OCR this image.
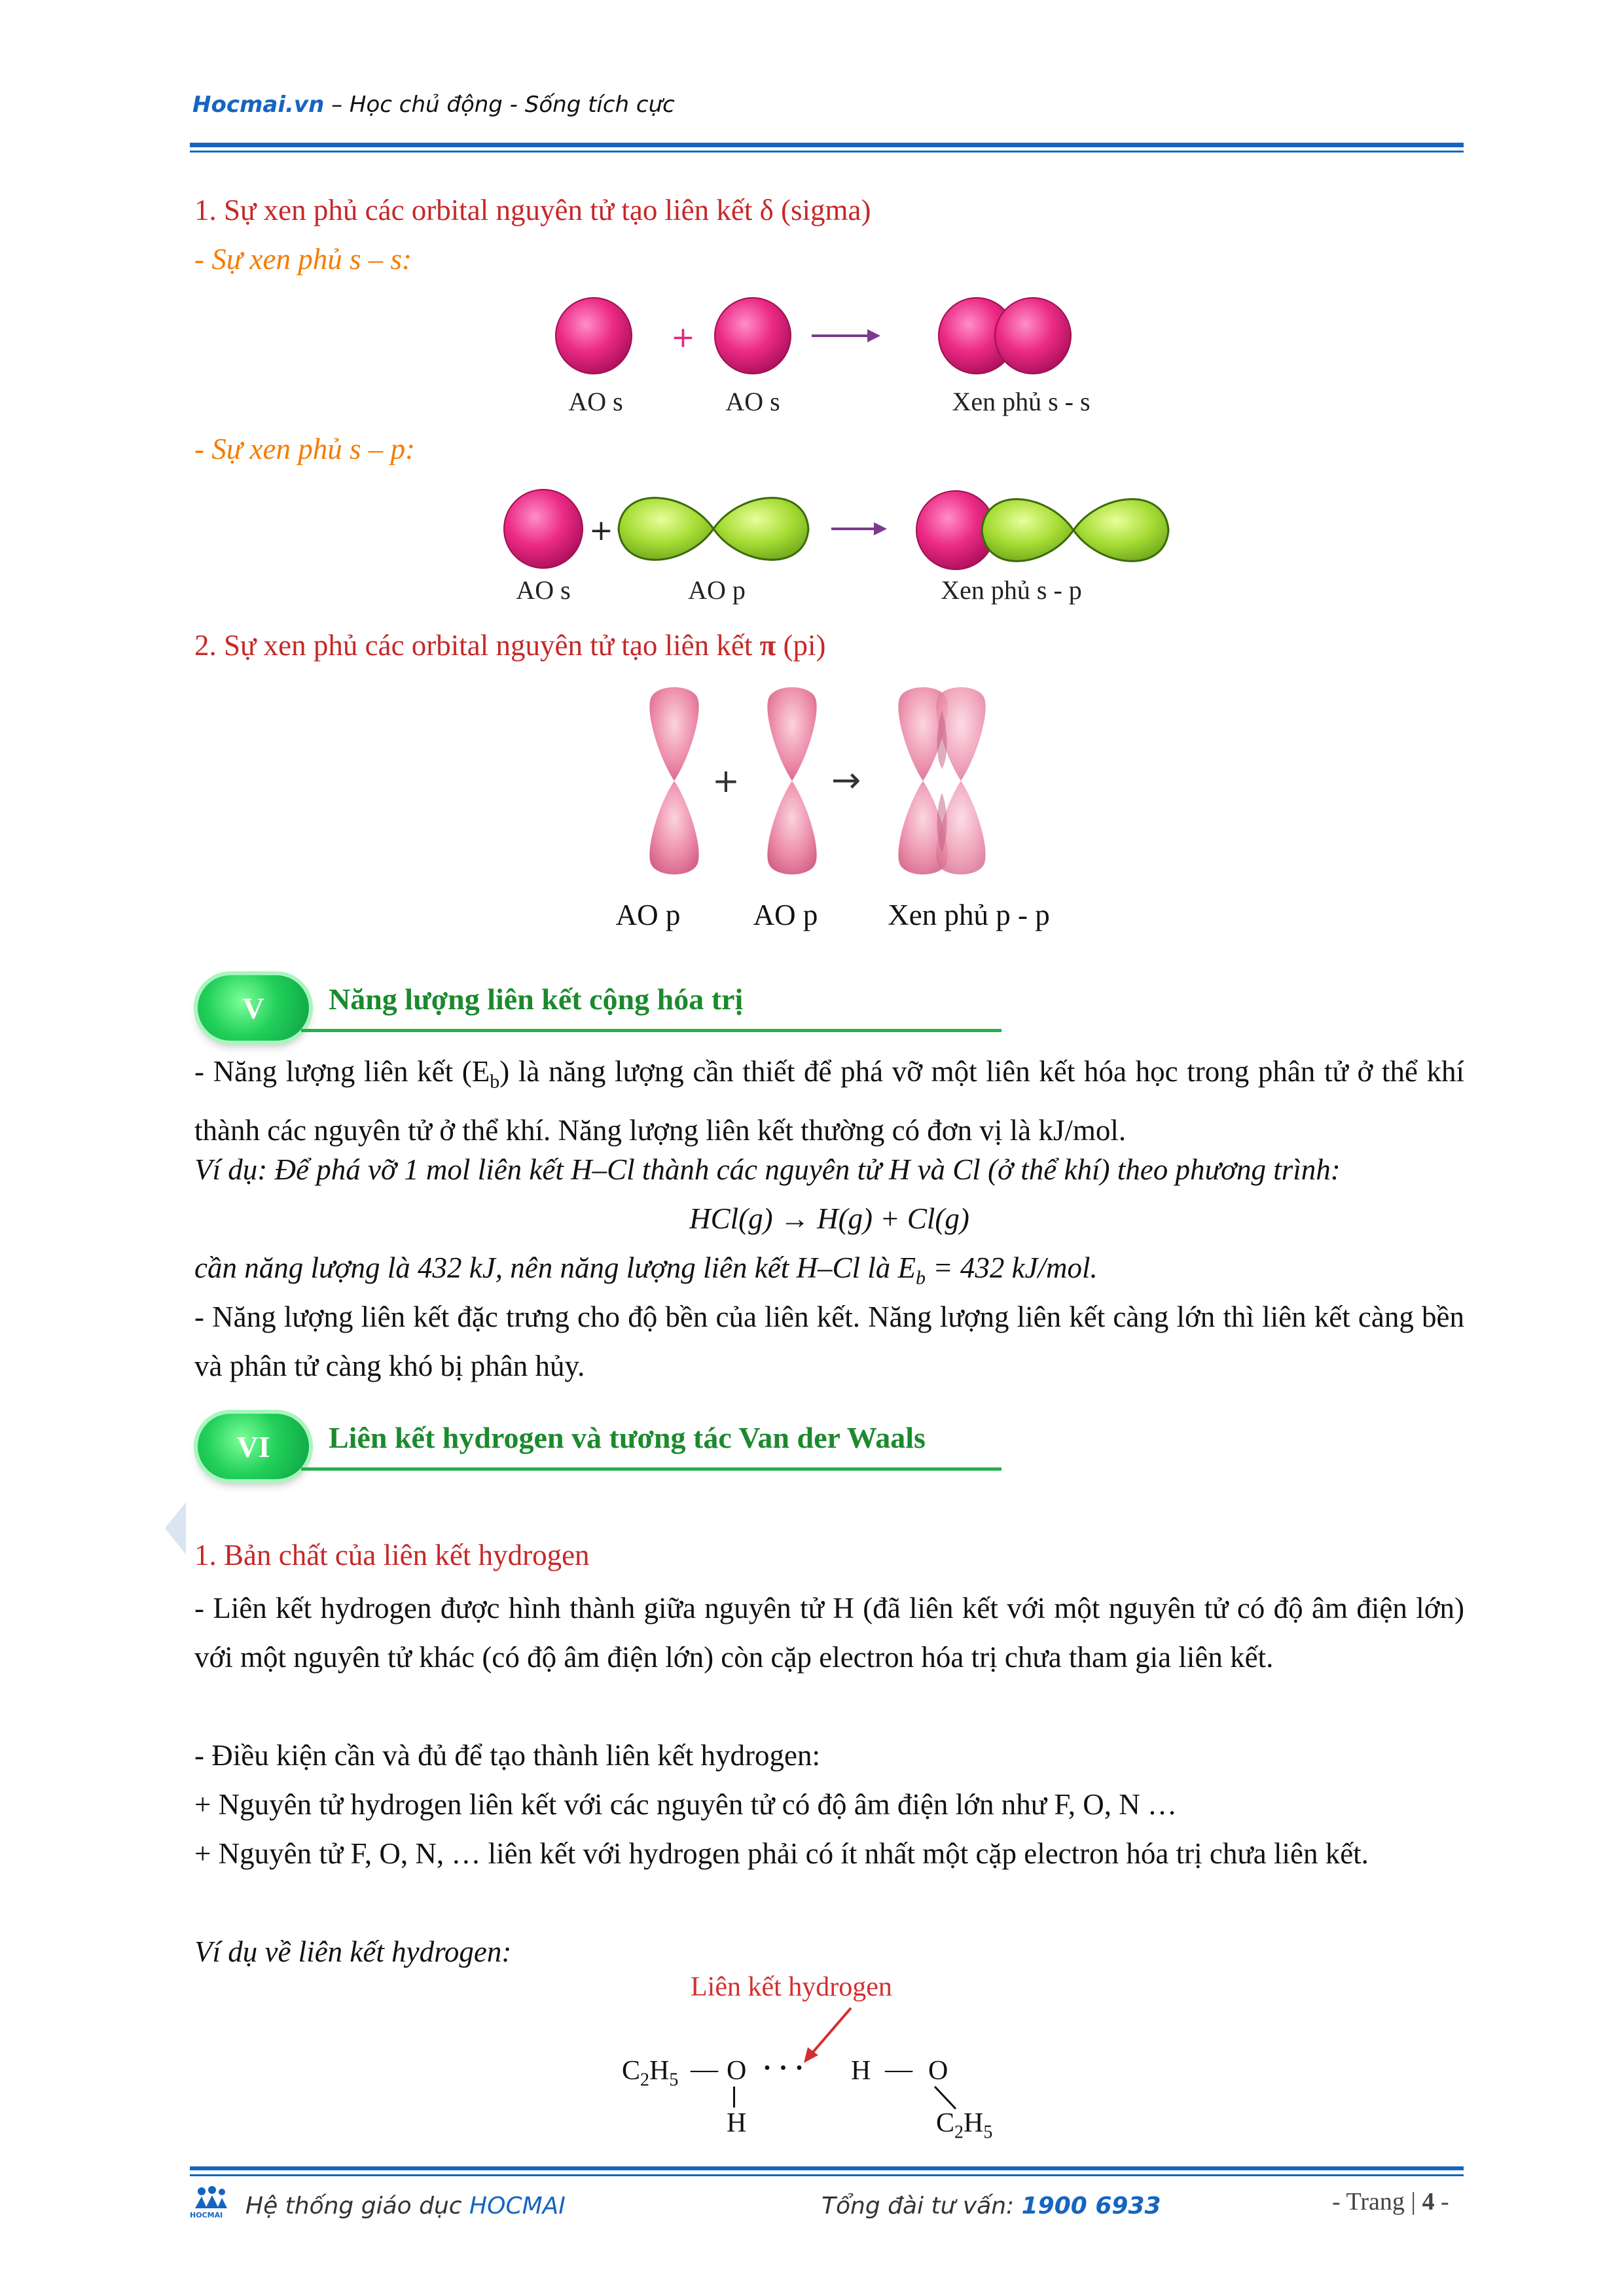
Hocmai.vn – Học chủ động - Sống tích cực
1. Sự xen phủ các orbital nguyên tử tạo liên kết δ (sigma)
- Sự xen phủ s – s:
+
AO s	AO s	Xen phủ s - s
- Sự xen phủ s – p:
+
AO s	AO p	Xen phủ s - p
2. Sự xen phủ các orbital nguyên tử tạo liên kết π (pi)
+	→
AO p	AO p	Xen phủ p - p
V	Năng lượng liên kết cộng hóa trị
- Năng lượng liên kết $(E_b)$ là năng lượng cần thiết để phá vỡ một liên kết hóa học trong phân tử ở thể khí thành các nguyên tử ở thể khí. Năng lượng liên kết thường có đơn vị là kJ/mol.
Ví dụ: Để phá vỡ 1 mol liên kết H–Cl thành các nguyên tử H và Cl (ở thể khí) theo phương trình:
HCl(g) → H(g) + Cl(g)
cần năng lượng là 432 kJ, nên năng lượng liên kết H–Cl là $E_b = 432$ kJ/mol.
- Năng lượng liên kết đặc trưng cho độ bền của liên kết. Năng lượng liên kết càng lớn thì liên kết càng bền và phân tử càng khó bị phân hủy.
VI	Liên kết hydrogen và tương tác Van der Waals
1. Bản chất của liên kết hydrogen
- Liên kết hydrogen được hình thành giữa nguyên tử H (đã liên kết với một nguyên tử có độ âm điện lớn) với một nguyên tử khác (có độ âm điện lớn) còn cặp electron hóa trị chưa tham gia liên kết.
- Điều kiện cần và đủ để tạo thành liên kết hydrogen:
+ Nguyên tử hydrogen liên kết với các nguyên tử có độ âm điện lớn như F, O, N …
+ Nguyên tử F, O, N, … liên kết với hydrogen phải có ít nhất một cặp electron hóa trị chưa liên kết.
Ví dụ về liên kết hydrogen:
Liên kết hydrogen
$C_2H_5$ — O · · · H — O
H	$C_2H_5$
HOCMAI Hệ thống giáo dục HOCMAI	Tổng đài tư vấn: 1900 6933	- Trang | 4 -
